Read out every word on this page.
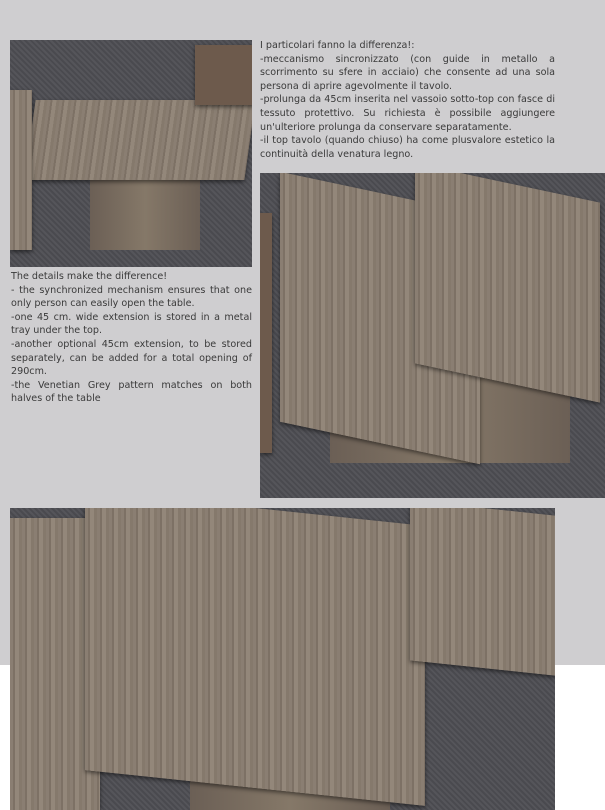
I particolari fanno la differenza!:

-meccanismo sincronizzato (con guide in metallo a scorrimento su sfere in acciaio) che consente ad una sola persona di aprire agevolmente il tavolo.

-prolunga da 45cm inserita nel vassoio sotto-top con fasce di tessuto protettivo. Su richiesta è possibile aggiungere un'ulteriore prolunga da conservare separatamente.

-il top tavolo (quando chiuso) ha come plusvalore estetico la continuità della venatura legno.

The details make the difference!

- the synchronized mechanism ensures that one only person can easily open the table.

-one 45 cm. wide extension is stored in a metal tray under the top.

-another optional 45cm extension, to be stored separately, can be added for a total opening of 290cm.

-the Venetian Grey pattern matches on both halves of the table
